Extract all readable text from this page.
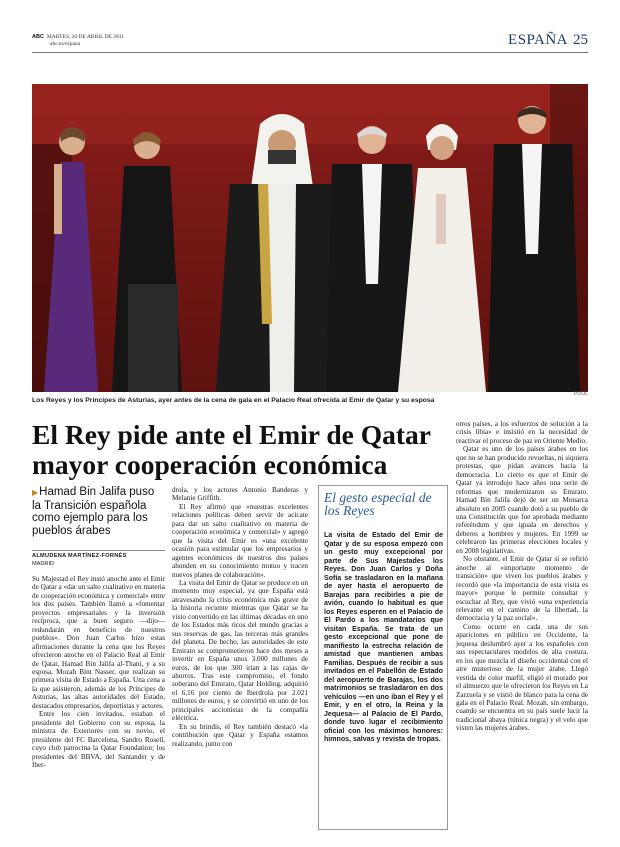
ABC MARTES, 26 DE ABRIL DE 2011
abc.es/espana	ESPAÑA 25
POOL
Los Reyes y los Príncipes de Asturias, ayer antes de la cena de gala en el Palacio Real ofrecida al Emir de Qatar y su esposa
El Rey pide ante el Emir de Qatar mayor cooperación económica
▶Hamad Bin Jalifa puso la Transición española como ejemplo para los pueblos árabes
ALMUDENA MARTÍNEZ-FORNÉS
MADRID

Su Majestad el Rey instó anoche ante el Emir de Qatar a «dar un salto cualitativo en materia de cooperación económica y comercial» entre los dos países. También llamó a «fomentar proyectos empresariales y la inversión recíproca, que a buen seguro —dijo— redundarán en beneficio de nuestros pueblos». Don Juan Carlos hizo estas afirmaciones durante la cena que los Reyes ofrecieron anoche en el Palacio Real al Emir de Qatar, Hamad Bin Jalifa al-Thani, y a su esposa, Mozah Bint Nasser, que realizan su primera visita de Estado a España. Una cena a la que asistieron, además de los Príncipes de Asturias, las altas autoridades del Estado, destacados empresarios, deportistas y actores.

Entre los cien invitados, estaban el presidente del Gobierno con su esposa, la ministra de Exteriores con su novio, el presidente del FC Barcelona, Sandro Rosell, cuyo club patrocina la Qatar Foundation; los presidentes del BBVA, del Santander y de Iber-

drola, y los actores Antonio Banderas y Melanie Griffith.

El Rey afirmó que «nuestras excelentes relaciones políticas deben servir de acicate para dar un salto cualitativo en materia de cooperación económica y comercial» y agregó que la visita del Emir es «una excelente ocasión para estimular que los empresarios y agentes económicos de nuestros dos países ahonden en su conocimiento mutuo y tracen nuevos planes de colaboración».

La visita del Emir de Qatar se produce en un momento muy especial, ya que España está atravesando la crisis económica más grave de la historia reciente mientras que Qatar se ha visto convertido en las últimas décadas en uno de los Estados más ricos del mundo gracias a sus reservas de gas, las terceras más grandes del planeta. De hecho, las autoridades de este Emirato se comprometieron hace dos meses a invertir en España unos 3.000 millones de euros, de los que 300 irían a las cajas de ahorros. Tras este compromiso, el fondo soberano del Emirato, Qatar Holding, adquirió el 6,16 por ciento de Iberdrola por 2.021 millones de euros, y se convirtió en uno de los principales accionistas de la compañía eléctrica.

En su brindis, el Rey también destacó «la contribución que Qatar y España estamos realizando, junto con

El gesto especial de los Reyes

La visita de Estado del Emir de Qatar y de su esposa empezó con un gesto muy excepcional por parte de Sus Majestades los Reyes. Don Juan Carlos y Doña Sofía se trasladaron en la mañana de ayer hasta el aeropuerto de Barajas para recibirles a pie de avión, cuando lo habitual es que los Reyes esperen en el Palacio de El Pardo a los mandatarios que visitan España. Se trata de un gesto excepcional que pone de manifiesto la estrecha relación de amistad que mantienen ambas Familias. Después de recibir a sus invitados en el Pabellón de Estado del aeropuerto de Barajas, los dos matrimonios se trasladaron en dos vehículos —en uno iban el Rey y el Emir, y en el otro, la Reina y la Jequesa— al Palacio de El Pardo, donde tuvo lugar el recibimiento oficial con los máximos honores: himnos, salvas y revista de tropas.

otros países, a los esfuerzos de solución a la crisis libia» e insistió en la necesidad de reactivar el proceso de paz en Oriente Medio.

Qatar es uno de los países árabes en los que no se han producido revueltas, ni siquiera protestas, que pidan avances hacia la democracia. Lo cierto es que el Emir de Qatar ya introdujo hace años una serie de reformas que modernizaron su Emirato. Hamad Bin Jalifa dejó de ser un Monarca absoluto en 2005 cuando dotó a su pueblo de una Constitución que fue aprobada mediante referéndum y que iguala en derechos y deberes a hombres y mujeres. En 1999 se celebraron las primeras elecciones locales y en 2008 legislativas.

No obstante, el Emir de Qatar sí se refirió anoche al «importante momento de transición» que viven los pueblos árabes y recordó que «la importancia de esta visita es mayor» porque le permite consultar y escuchar al Rey, que vivió «una experiencia relevante en el camino de la libertad, la democracia y la paz social».

Como ocurre en cada una de sus apariciones en público en Occidente, la jequesa deslumbró ayer a los españoles con sus espectaculares modelos de alta costura, en los que mezcla el diseño occidental con el aire misterioso de la mujer árabe. Llegó vestida de color marfil, eligió el morado por el almuerzo que le ofrecieron los Reyes en La Zarzuela y se vistió de blanco para la cena de gala en el Palacio Real. Mozah, sin embargo, cuando se encuentra en su país suele lucir la tradicional abaya (túnica negra) y el velo que visten las mujeres árabes.
